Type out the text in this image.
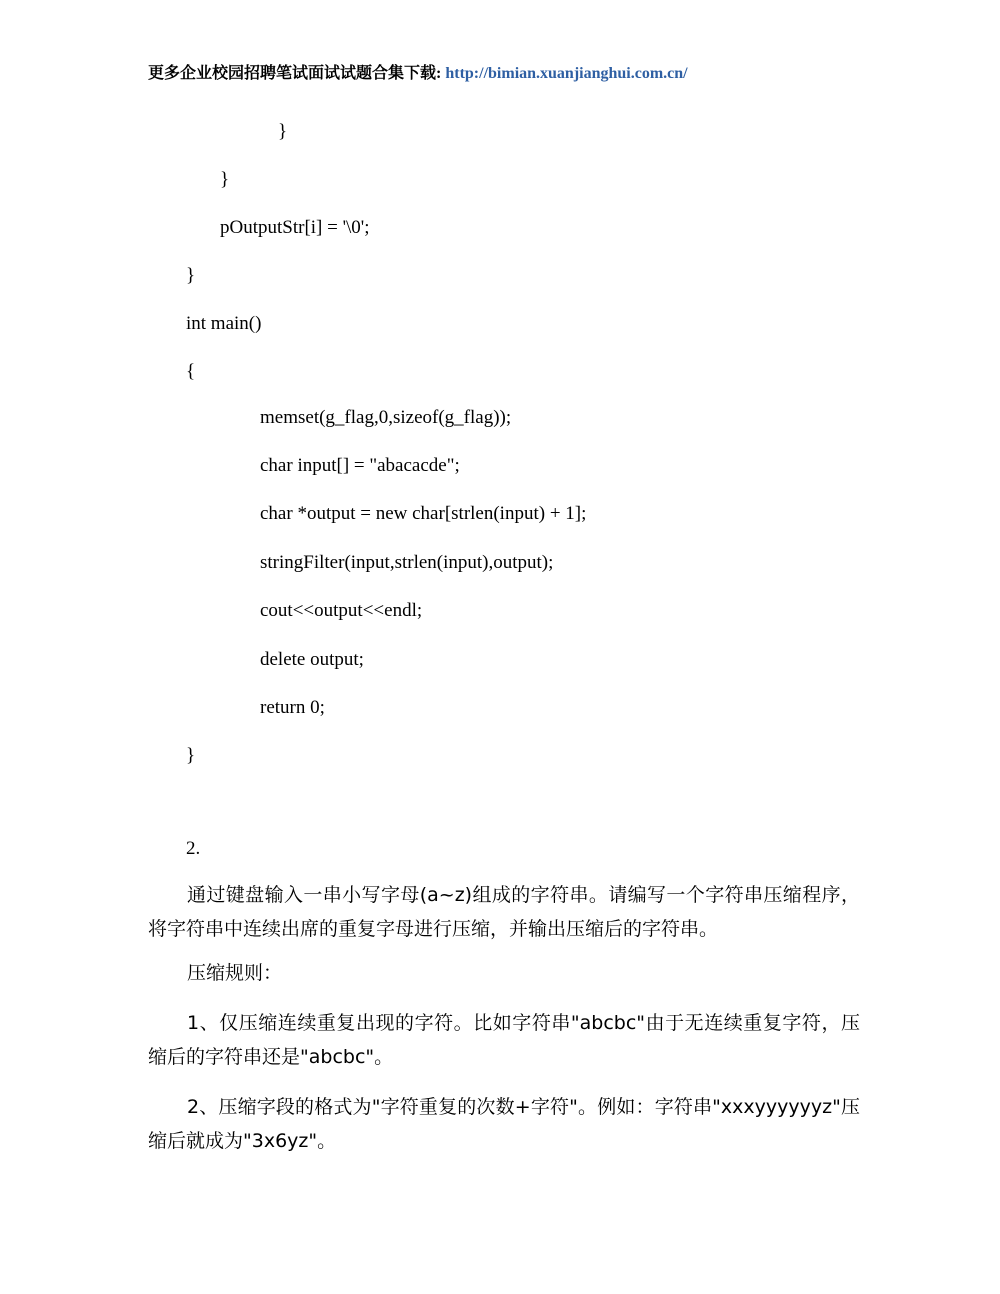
更多企业校园招聘笔试面试试题合集下载: http://bimian.xuanjianghui.com.cn/
}
}
pOutputStr[i] = '\0';
}
int main()
{
memset(g_flag,0,sizeof(g_flag));
char input[] = "abacacde";
char *output = new char[strlen(input) + 1];
stringFilter(input,strlen(input),output);
cout<<output<<endl;
delete output;
return 0;
}
2.
通过键盘输入一串小写字母(a~z)组成的字符串。请编写一个字符串压缩程序，将字符串中连续出席的重复字母进行压缩，并输出压缩后的字符串。
压缩规则：
1、仅压缩连续重复出现的字符。比如字符串"abcbc"由于无连续重复字符，压缩后的字符串还是"abcbc"。
2、压缩字段的格式为"字符重复的次数+字符"。例如：字符串"xxxyyyyyyz"压缩后就成为"3x6yz"。
